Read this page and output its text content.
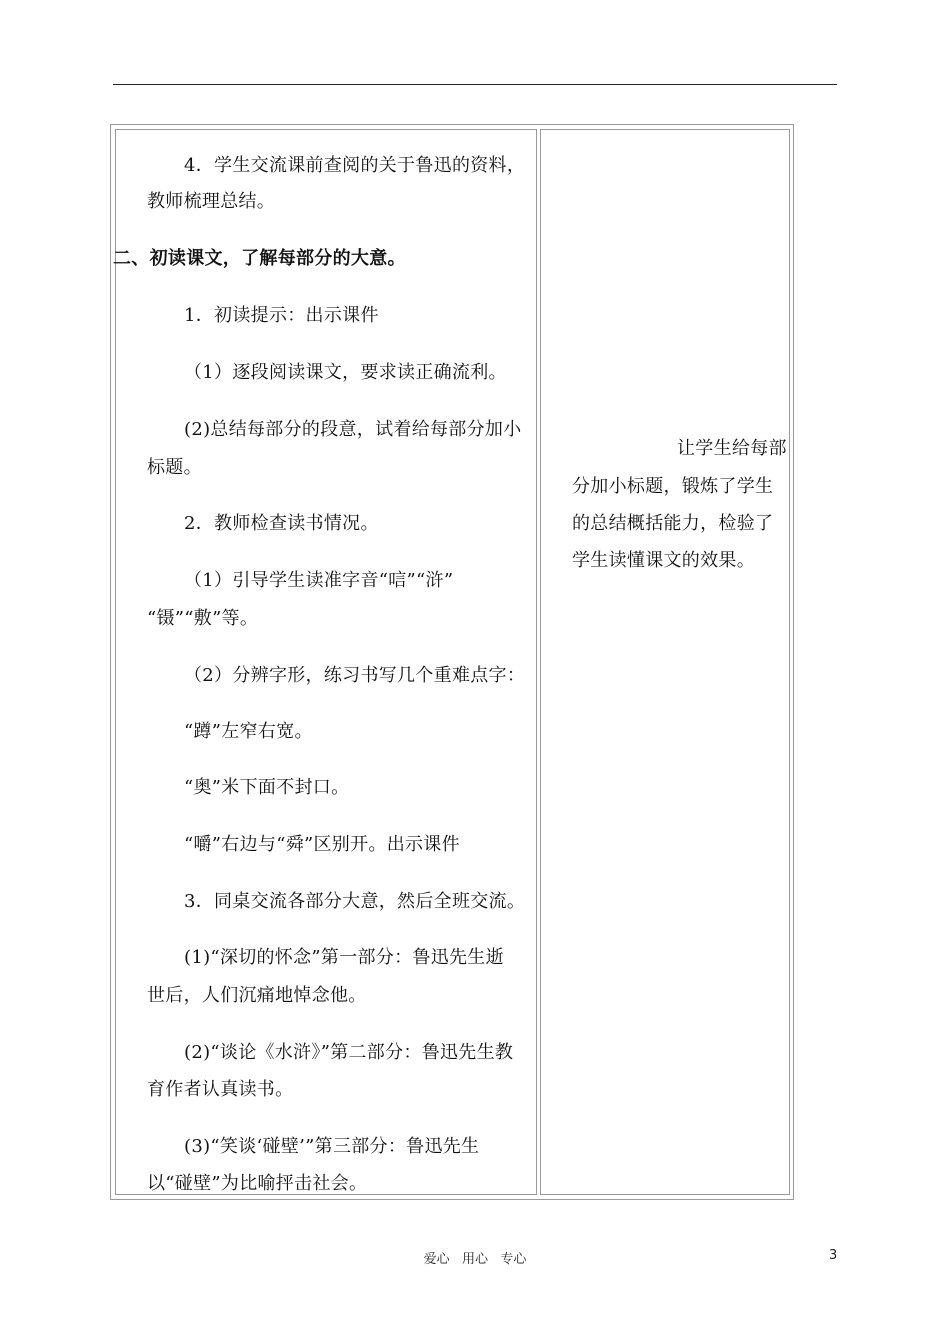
4．学生交流课前查阅的关于鲁迅的资料，
教师梳理总结。
二、初读课文，了解每部分的大意。
1．初读提示：出示课件
（1）逐段阅读课文，要求读正确流利。
(2)总结每部分的段意，试着给每部分加小
标题。
2．教师检查读书情况。
（1）引导学生读准字音“唁”“浒”
“镊”“敷”等。
（2）分辨字形，练习书写几个重难点字：
“蹲”左窄右宽。
“奥”米下面不封口。
“嚼”右边与“舜”区别开。出示课件
3．同桌交流各部分大意，然后全班交流。
(1)“深切的怀念”第一部分：鲁迅先生逝
世后，人们沉痛地悼念他。
(2)“谈论《水浒》”第二部分：鲁迅先生教
育作者认真读书。
(3)“笑谈‘碰壁’”第三部分：鲁迅先生
以“碰壁”为比喻抨击社会。
让学生给每部
分加小标题，锻炼了学生
的总结概括能力，检验了
学生读懂课文的效果。
爱心   用心   专心	3
